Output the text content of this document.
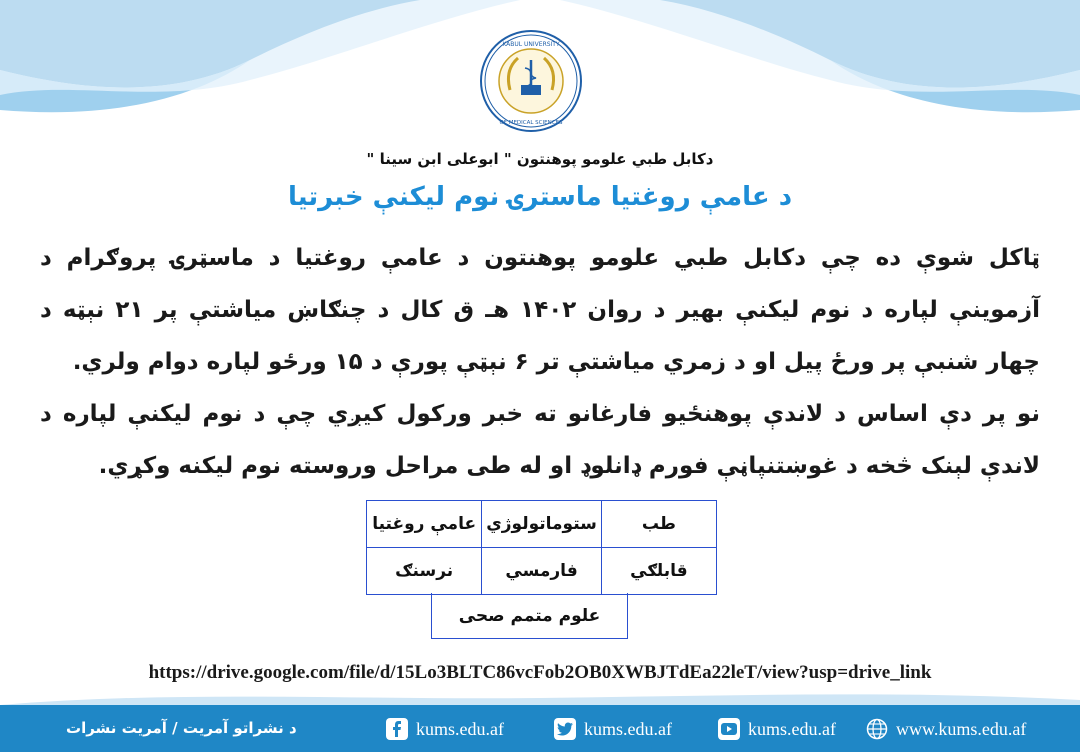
KABUL UNIVERSITY
OF MEDICAL SCIENCES
دکابل طبي علومو پوهنتون " ابوعلی ابن سینا "
د عامې روغتیا ماسترۍ نوم لیکنې خبرتیا

ټاکل شوې ده چې دکابل طبي علومو پوهنتون د عامې روغتیا د ماسټرۍ پروګرام د آزموینې لپاره د نوم لیکنې بهیر د روان ۱۴۰۲ هـ ق کال د چنګاښ میاشتې پر ۲۱ نېټه د چهار شنبې پر ورځ پیل او د زمري میاشتې تر ۶ نېټې پورې د ۱۵ ورځو لپاره دوام ولري.

نو پر دې اساس د لاندې پوهنځیو فارغانو ته خبر ورکول کیږي چې د نوم لیکنې لپاره د لاندې لېنک څخه د غوښتنپاڼې فورم ډانلوډ او له طی مراحل وروسته نوم لیکنه وکړي.

طب	ستوماتولوژي	عامې روغتیا
قابلګي	فارمسي	نرسنګ
علوم متمم صحی
https://drive.google.com/file/d/15Lo3BLTC86vcFob2OB0XWBJTdEa22leT/view?usp=drive_link
د نشراتو آمریت / آمریت نشرات	kums.edu.af	kums.edu.af	kums.edu.af	www.kums.edu.af
